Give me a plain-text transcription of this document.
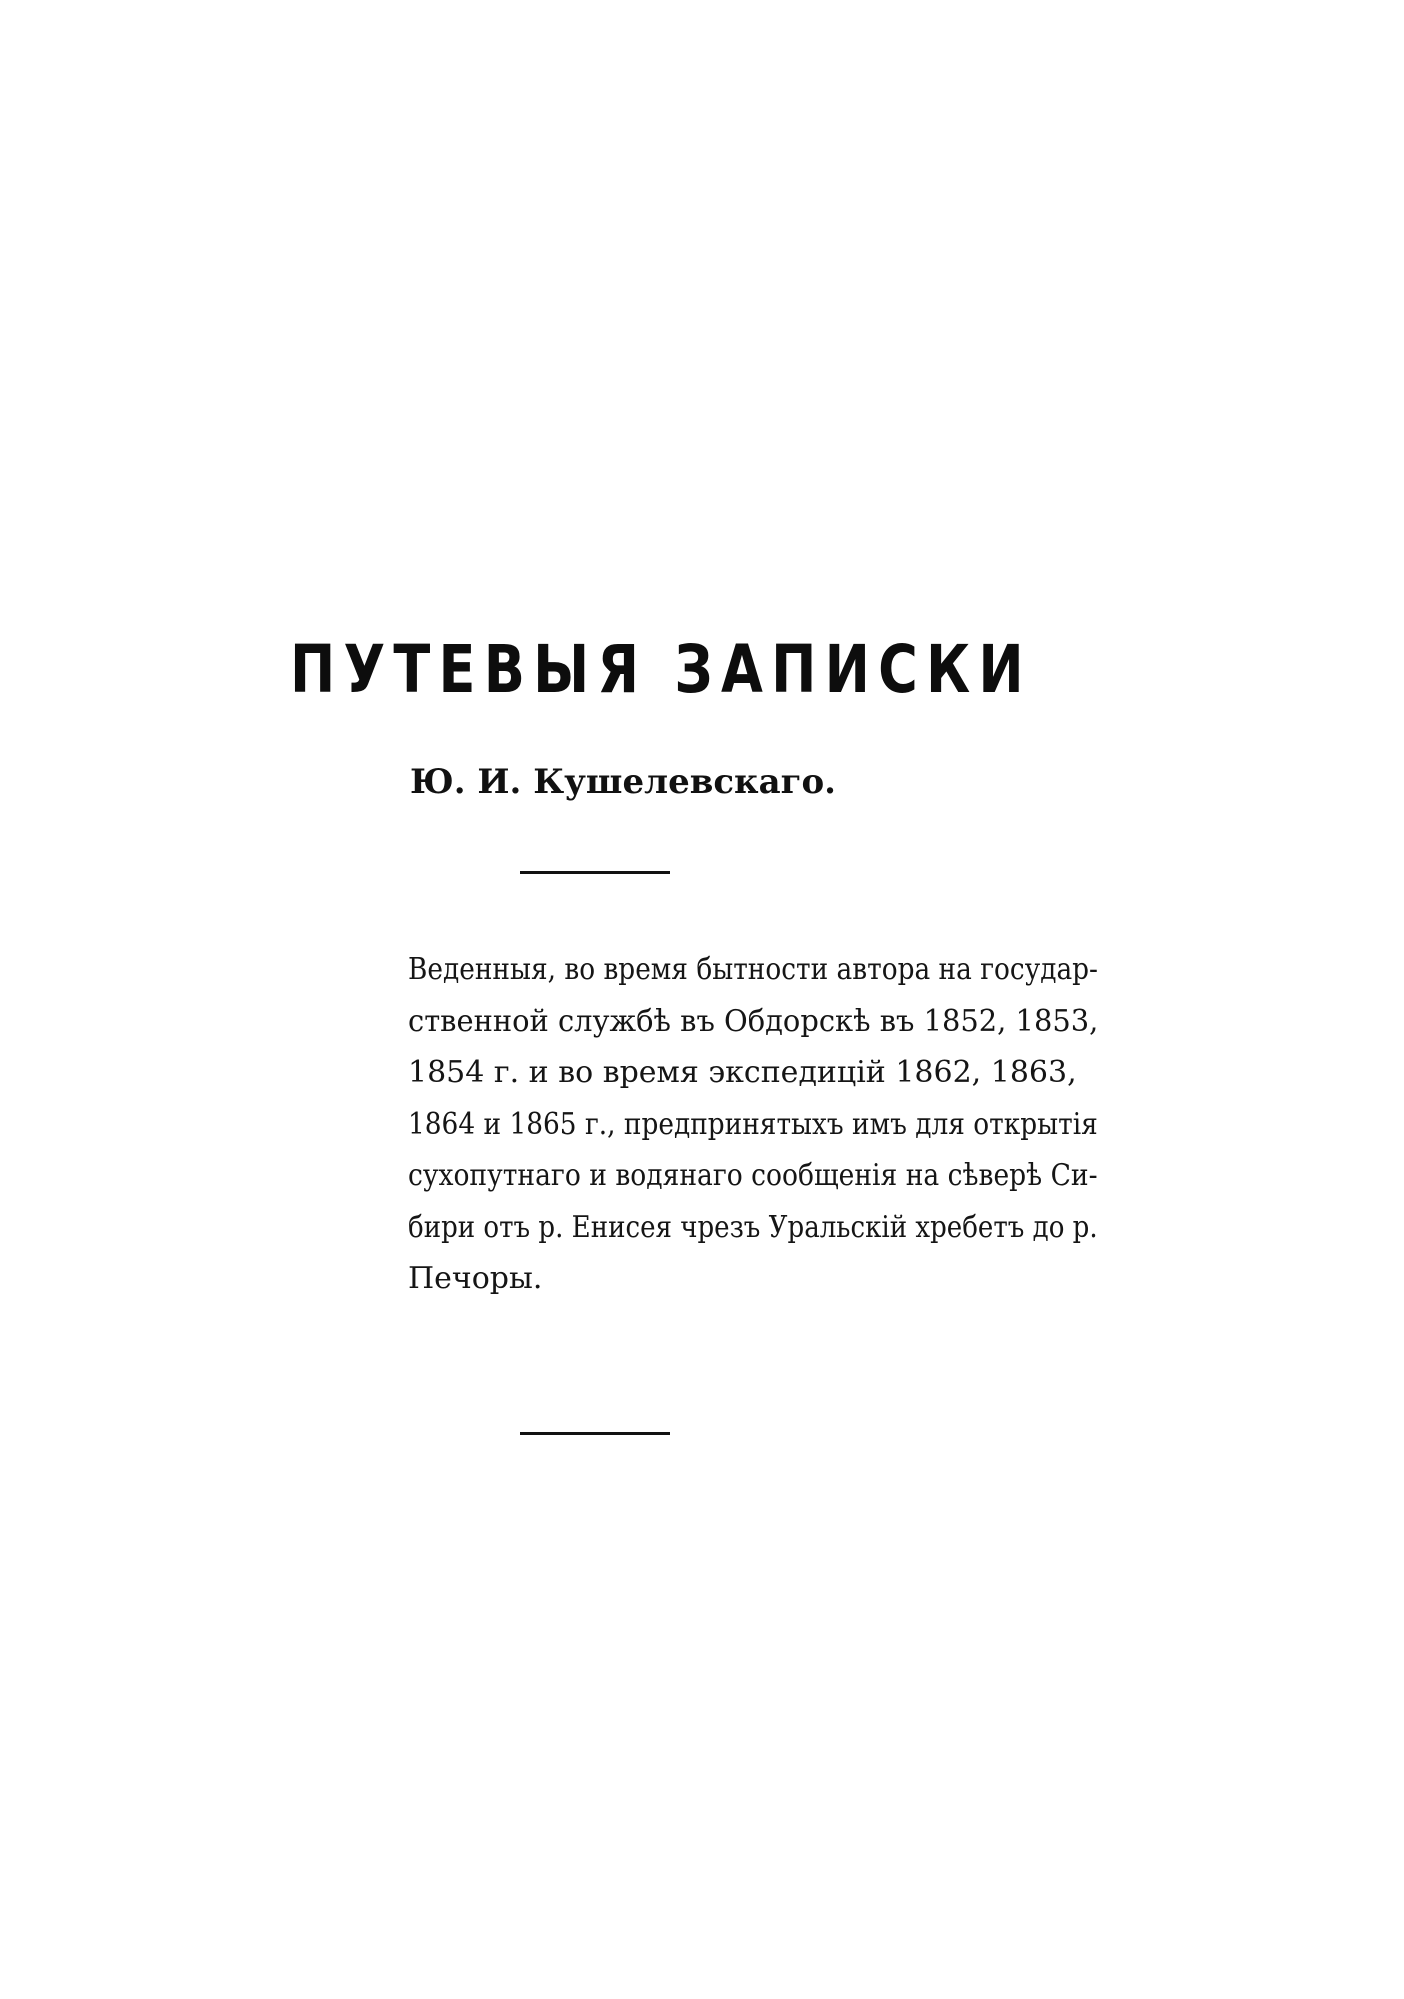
ПУТЕВЫЯ ЗАПИСКИ
Ю. И. Кушелевскаго.
Веденныя, во время бытности автора на государ-
ственной службѣ въ Обдорскѣ въ 1852, 1853,
1854 г. и во время экспедицій 1862, 1863,
1864 и 1865 г., предпринятыхъ имъ для открытія
сухопутнаго и водянаго сообщенія на сѣверѣ Си-
бири отъ р. Енисея чрезъ Уральскій хребетъ до р.
Печоры.
